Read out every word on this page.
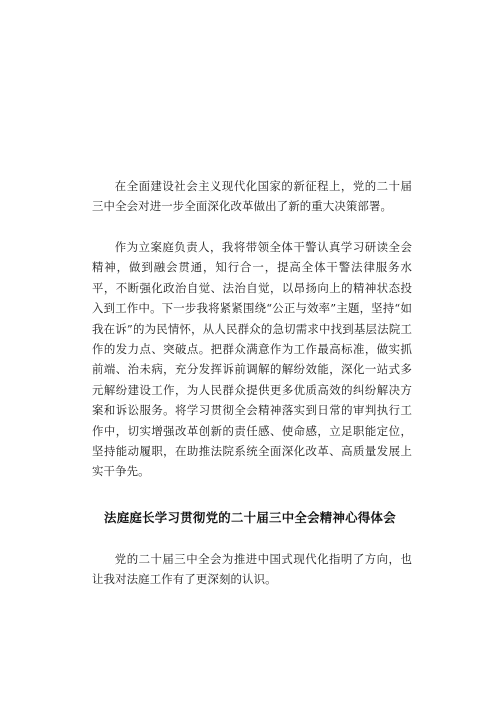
在全面建设社会主义现代化国家的新征程上，党的二十届三中全会对进一步全面深化改革做出了新的重大决策部署。

作为立案庭负责人，我将带领全体干警认真学习研读全会精神，做到融会贯通，知行合一，提高全体干警法律服务水平，不断强化政治自觉、法治自觉，以昂扬向上的精神状态投入到工作中。下一步我将紧紧围绕“公正与效率”主题，坚持“如我在诉”的为民情怀，从人民群众的急切需求中找到基层法院工作的发力点、突破点。把群众满意作为工作最高标准，做实抓前端、治未病，充分发挥诉前调解的解纷效能，深化一站式多元解纷建设工作，为人民群众提供更多优质高效的纠纷解决方案和诉讼服务。将学习贯彻全会精神落实到日常的审判执行工作中，切实增强改革创新的责任感、使命感，立足职能定位，坚持能动履职，在助推法院系统全面深化改革、高质量发展上实干争先。

法庭庭长学习贯彻党的二十届三中全会精神心得体会

党的二十届三中全会为推进中国式现代化指明了方向，也让我对法庭工作有了更深刻的认识。
